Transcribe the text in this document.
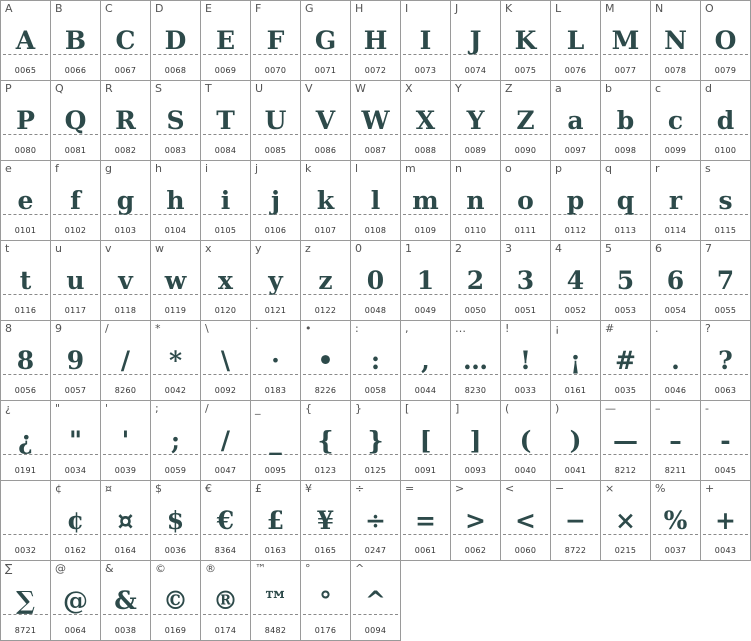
A
A
0065
B
B
0066
C
C
0067
D
D
0068
E
E
0069
F
F
0070
G
G
0071
H
H
0072
I
I
0073
J
J
0074
K
K
0075
L
L
0076
M
M
0077
N
N
0078
O
O
0079
P
P
0080
Q
Q
0081
R
R
0082
S
S
0083
T
T
0084
U
U
0085
V
V
0086
W
W
0087
X
X
0088
Y
Y
0089
Z
Z
0090
a
a
0097
b
b
0098
c
c
0099
d
d
0100
e
e
0101
f
f
0102
g
g
0103
h
h
0104
i
i
0105
j
j
0106
k
k
0107
l
l
0108
m
m
0109
n
n
0110
o
o
0111
p
p
0112
q
q
0113
r
r
0114
s
s
0115
t
t
0116
u
u
0117
v
v
0118
w
w
0119
x
x
0120
y
y
0121
z
z
0122
0
0
0048
1
1
0049
2
2
0050
3
3
0051
4
4
0052
5
5
0053
6
6
0054
7
7
0055
8
8
0056
9
9
0057
/
/
8260
*
*
0042
\
\
0092
·
·
0183
•
•
8226
:
:
0058
,
,
0044
…
…
8230
!
!
0033
¡
¡
0161
#
#
0035
.
.
0046
?
?
0063
¿
¿
0191
"
"
0034
'
'
0039
;
;
0059
/
/
0047
_
_
0095
{
{
0123
}
}
0125
[
[
0091
]
]
0093
(
(
0040
)
)
0041
—
—
8212
–
–
8211
-
-
0045
0032
¢
¢
0162
¤
¤
0164
$
$
0036
€
€
8364
£
£
0163
¥
¥
0165
÷
÷
0247
=
=
0061
>
>
0062
<
<
0060
−
−
8722
×
×
0215
%
%
0037
+
+
0043
∑
∑
8721
@
@
0064
&
&
0038
©
©
0169
®
®
0174
™
™
8482
°
°
0176
^
^
0094
